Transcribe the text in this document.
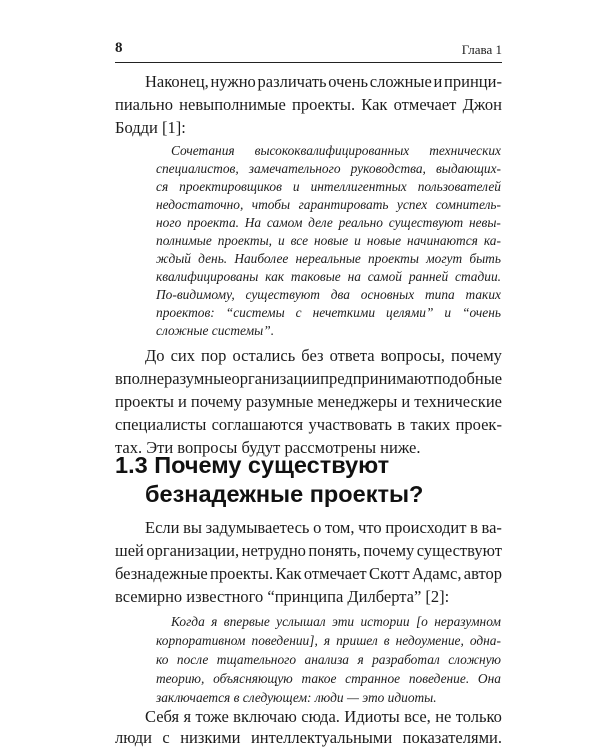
8	Глава 1

Наконец, нужно различать очень сложные и принци-

пиально невыполнимые проекты. Как отмечает Джон

Бодди [1]:

Сочетания высококвалифицированных технических

специалистов, замечательного руководства, выдающих-

ся проектировщиков и интеллигентных пользователей

недостаточно, чтобы гарантировать успех сомнитель-

ного проекта. На самом деле реально существуют невы-

полнимые проекты, и все новые и новые начинаются ка-

ждый день. Наиболее нереальные проекты могут быть

квалифицированы как таковые на самой ранней стадии.

По-видимому, существуют два основных типа таких

проектов: “системы с нечеткими целями” и “очень

сложные системы”.

До сих пор остались без ответа вопросы, почему

вполне разумные организации предпринимают подобные

проекты и почему разумные менеджеры и технические

специалисты соглашаются участвовать в таких проек-

тах. Эти вопросы будут рассмотрены ниже.

1.3 Почему существуют

безнадежные проекты?

Если вы задумываетесь о том, что происходит в ва-

шей организации, нетрудно понять, почему существуют

безнадежные проекты. Как отмечает Скотт Адамс, автор

всемирно известного “принципа Дилберта” [2]:

Когда я впервые услышал эти истории [о неразумном

корпоративном поведении], я пришел в недоумение, одна-

ко после тщательного анализа я разработал сложную

теорию, объясняющую такое странное поведение. Она

заключается в следующем: люди — это идиоты.

Себя я тоже включаю сюда. Идиоты все, не только

люди с низкими интеллектуальными показателями.
